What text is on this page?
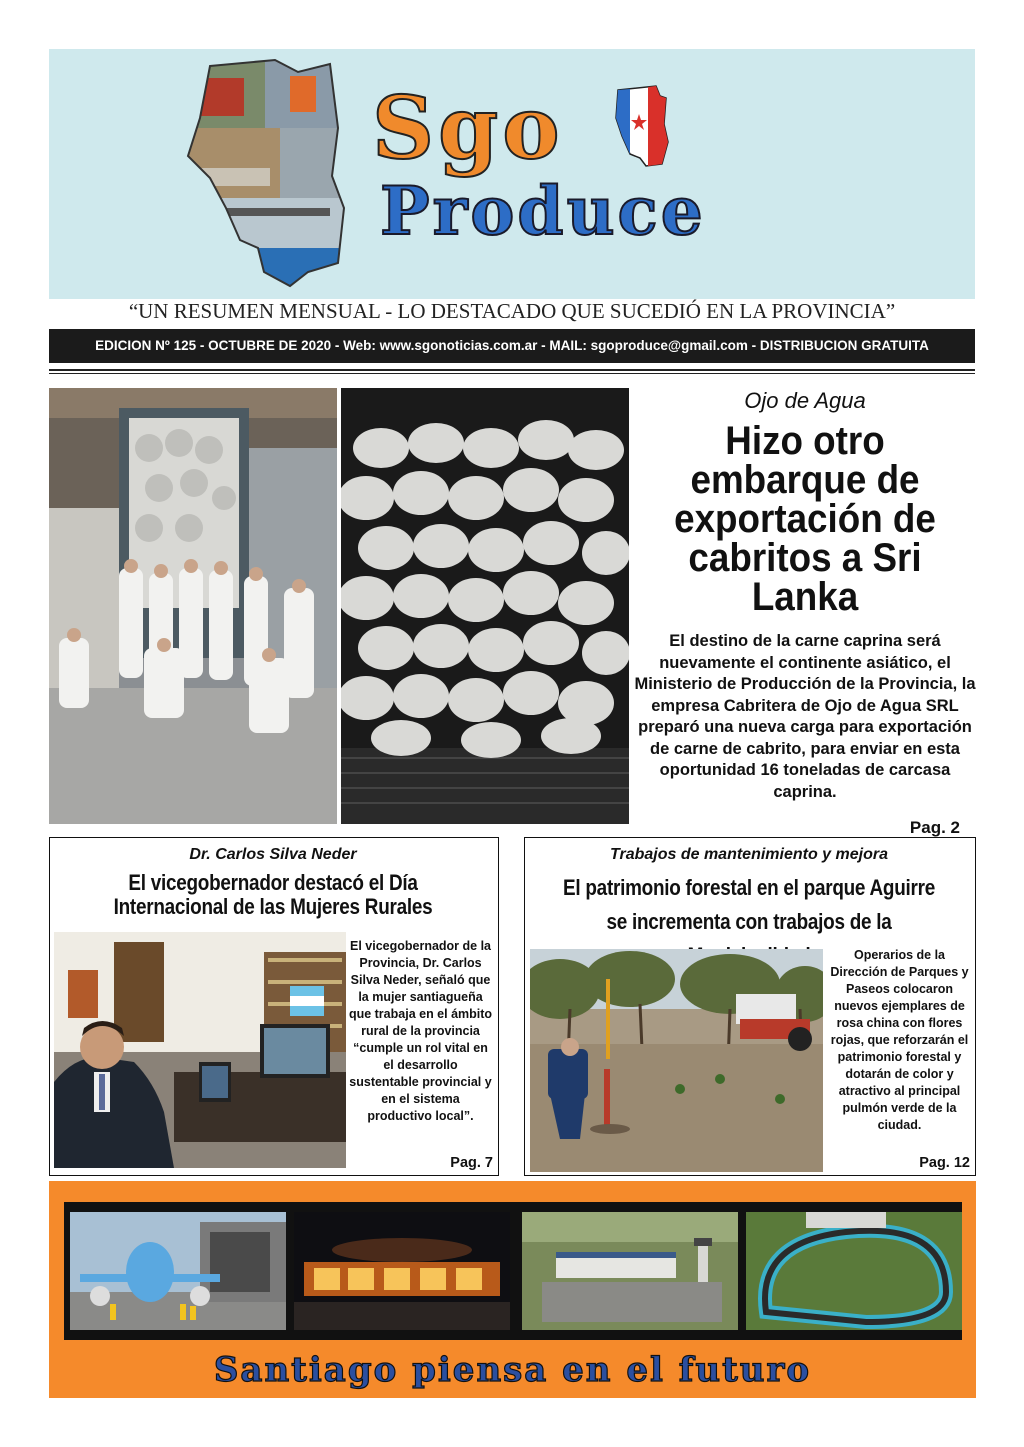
Sgo
Produce
“UN RESUMEN MENSUAL - LO DESTACADO QUE SUCEDIÓ EN LA PROVINCIA”
EDICION Nº 125 - OCTUBRE DE 2020 - Web: www.sgonoticias.com.ar - MAIL: sgoproduce@gmail.com - DISTRIBUCION GRATUITA
Ojo de Agua
Hizo otro embarque de exportación de cabritos a Sri Lanka
El destino de la carne caprina será nuevamente el continente asiático, el Ministerio de Producción de la Provincia, la empresa Cabritera de Ojo de Agua SRL preparó una nueva carga para exportación de carne de cabrito, para enviar en esta oportunidad 16 toneladas de carcasa caprina.
Pag. 2
Dr. Carlos Silva Neder
El vicegobernador destacó el Día Internacional de las Mujeres Rurales
El vicegobernador de la Provincia, Dr. Carlos Silva Neder, señaló que la mujer santiagueña que trabaja en el ámbito rural de la provincia “cumple un rol vital en el desarrollo sustentable provincial y en el sistema productivo local”.
Pag. 7
Trabajos de mantenimiento y mejora
El patrimonio forestal en el parque Aguirre se incrementa con trabajos de la
Operarios de la Dirección de Parques y Paseos colocaron nuevos ejemplares de rosa china con flores rojas, que reforzarán el patrimonio forestal y dotarán de color y atractivo al principal pulmón verde de la ciudad.
Pag. 12
Santiago piensa en el futuro
